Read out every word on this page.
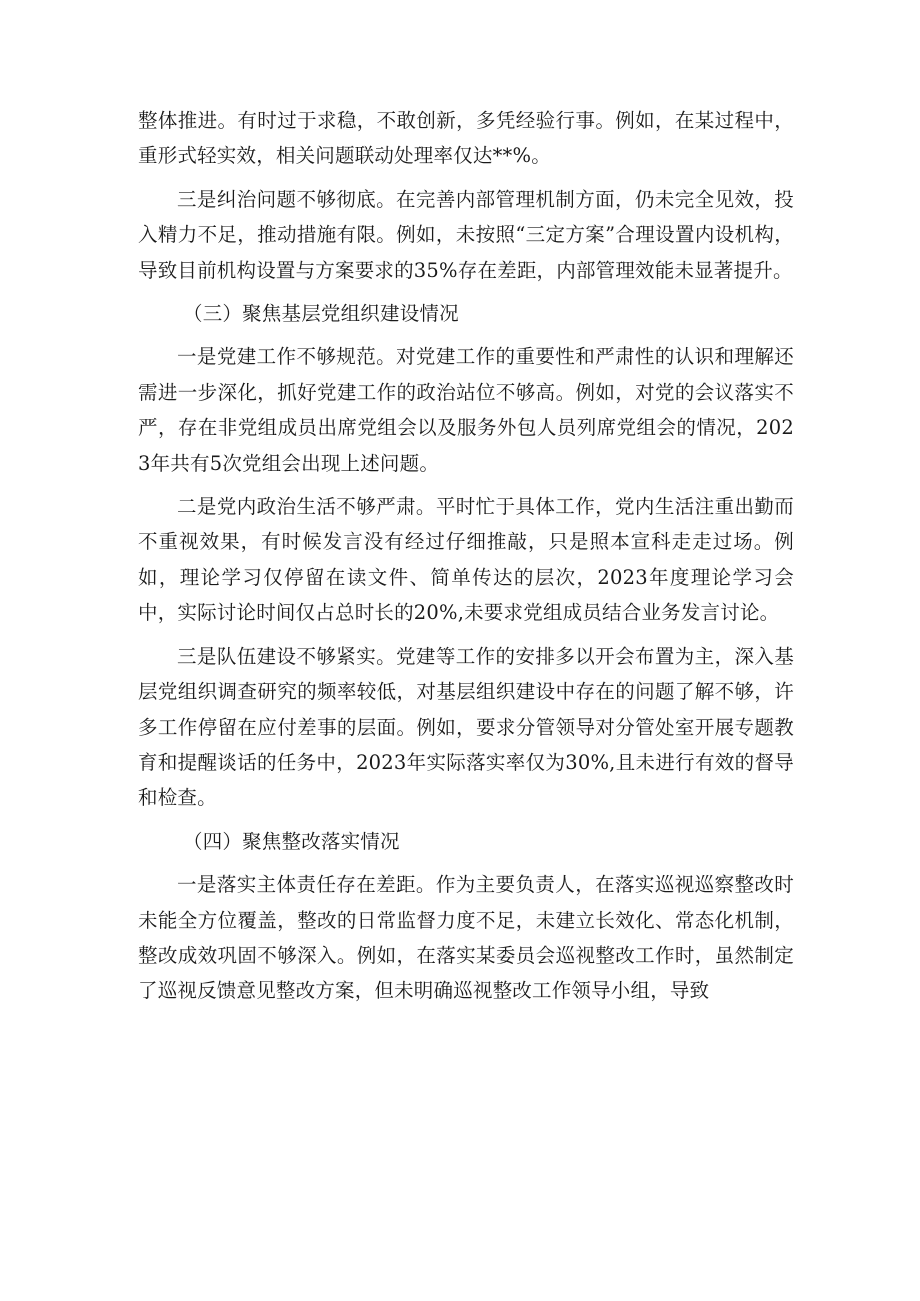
整体推进。有时过于求稳，不敢创新，多凭经验行事。例如，在某过程中，重形式轻实效，相关问题联动处理率仅达**%。

三是纠治问题不够彻底。在完善内部管理机制方面，仍未完全见效，投入精力不足，推动措施有限。例如，未按照“三定方案”合理设置内设机构，导致目前机构设置与方案要求的35%存在差距，内部管理效能未显著提升。

（三）聚焦基层党组织建设情况

一是党建工作不够规范。对党建工作的重要性和严肃性的认识和理解还需进一步深化，抓好党建工作的政治站位不够高。例如，对党的会议落实不严，存在非党组成员出席党组会以及服务外包人员列席党组会的情况，2023年共有5次党组会出现上述问题。

二是党内政治生活不够严肃。平时忙于具体工作，党内生活注重出勤而不重视效果，有时候发言没有经过仔细推敲，只是照本宣科走走过场。例如，理论学习仅停留在读文件、简单传达的层次，2023年度理论学习会中，实际讨论时间仅占总时长的20%,未要求党组成员结合业务发言讨论。

三是队伍建设不够紧实。党建等工作的安排多以开会布置为主，深入基层党组织调查研究的频率较低，对基层组织建设中存在的问题了解不够，许多工作停留在应付差事的层面。例如，要求分管领导对分管处室开展专题教育和提醒谈话的任务中，2023年实际落实率仅为30%,且未进行有效的督导和检查。

（四）聚焦整改落实情况

一是落实主体责任存在差距。作为主要负责人，在落实巡视巡察整改时未能全方位覆盖，整改的日常监督力度不足，未建立长效化、常态化机制，整改成效巩固不够深入。例如，在落实某委员会巡视整改工作时，虽然制定了巡视反馈意见整改方案，但未明确巡视整改工作领导小组，导致
